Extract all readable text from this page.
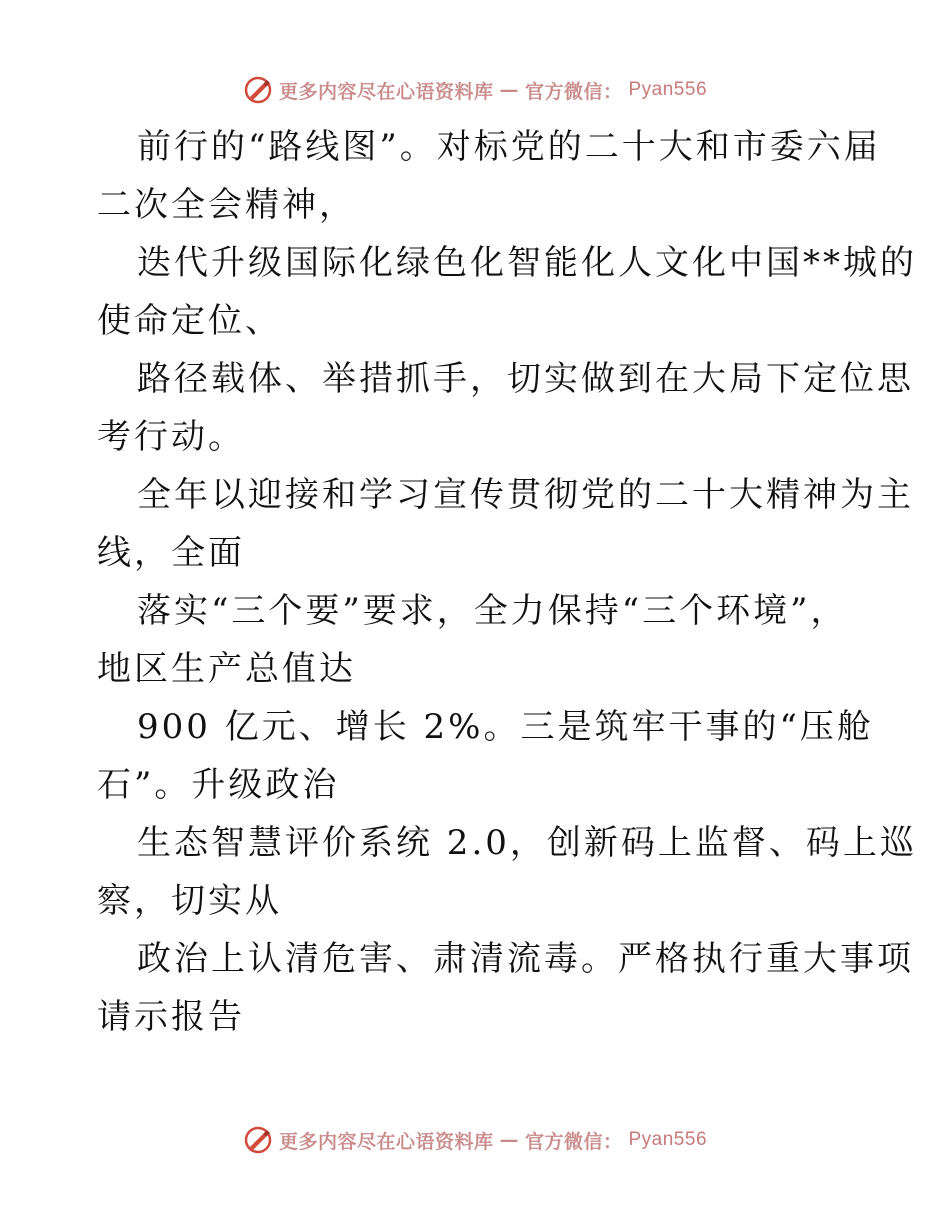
更多内容尽在心语资料库 — 官方微信： Pyan556
前行的“路线图”。对标党的二十大和市委六届
二次全会精神，
迭代升级国际化绿色化智能化人文化中国**城的
使命定位、
路径载体、举措抓手，切实做到在大局下定位思
考行动。
全年以迎接和学习宣传贯彻党的二十大精神为主
线，全面
落实“三个要”要求，全力保持“三个环境”，
地区生产总值达
900 亿元、增长 2%。三是筑牢干事的“压舱
石”。升级政治
生态智慧评价系统 2.0，创新码上监督、码上巡
察，切实从
政治上认清危害、肃清流毒。严格执行重大事项
请示报告
更多内容尽在心语资料库 — 官方微信： Pyan556
